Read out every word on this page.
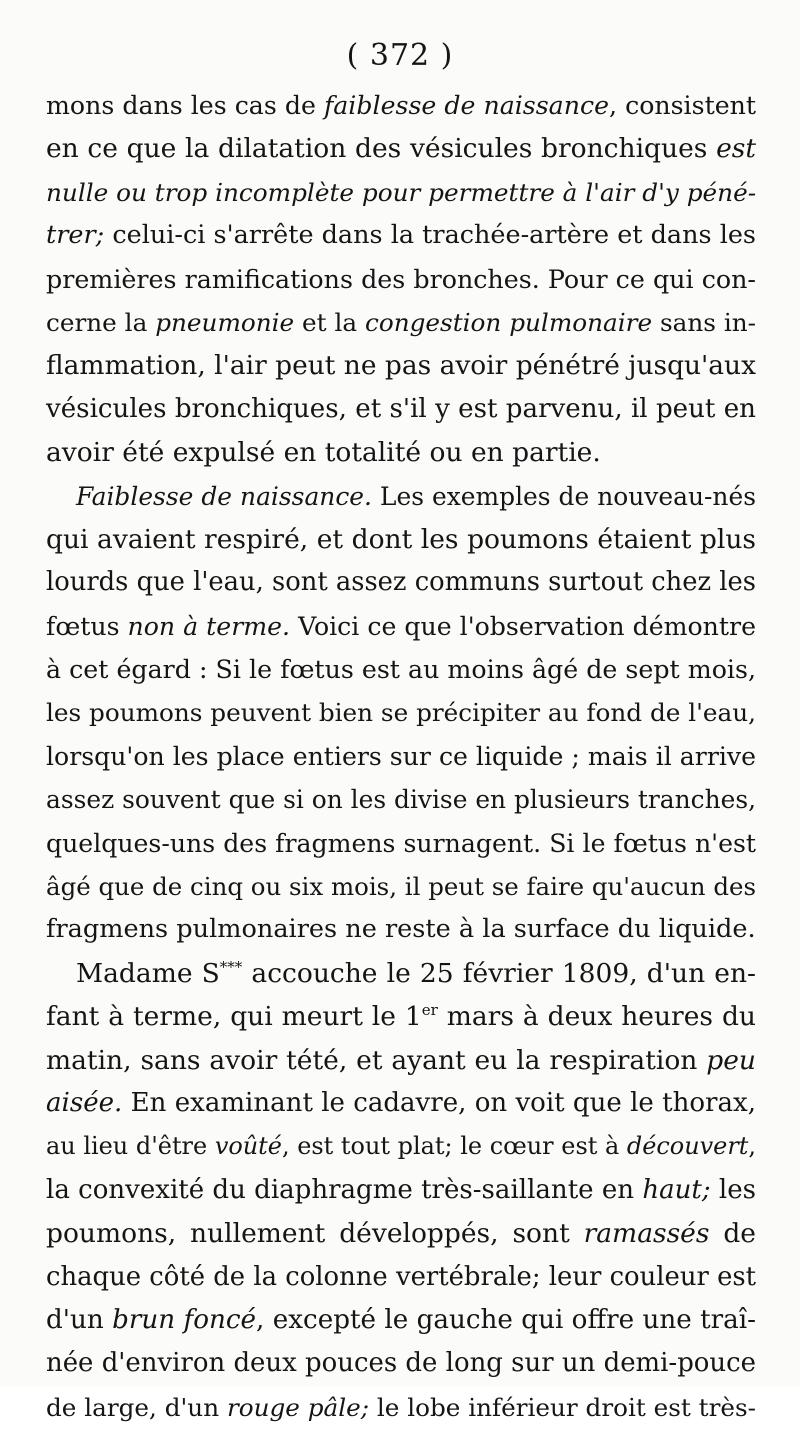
( 372 )
mons dans les cas de faiblesse de naissance, consistent
en ce que la dilatation des vésicules bronchiques est
nulle ou trop incomplète pour permettre à l'air d'y péné-
trer; celui-ci s'arrête dans la trachée-artère et dans les
premières ramifications des bronches. Pour ce qui con-
cerne la pneumonie et la congestion pulmonaire sans in-
flammation, l'air peut ne pas avoir pénétré jusqu'aux
vésicules bronchiques, et s'il y est parvenu, il peut en
avoir été expulsé en totalité ou en partie.
Faiblesse de naissance. Les exemples de nouveau-nés
qui avaient respiré, et dont les poumons étaient plus
lourds que l'eau, sont assez communs surtout chez les
fœtus non à terme. Voici ce que l'observation démontre
à cet égard : Si le fœtus est au moins âgé de sept mois,
les poumons peuvent bien se précipiter au fond de l'eau,
lorsqu'on les place entiers sur ce liquide ; mais il arrive
assez souvent que si on les divise en plusieurs tranches,
quelques-uns des fragmens surnagent. Si le fœtus n'est
âgé que de cinq ou six mois, il peut se faire qu'aucun des
fragmens pulmonaires ne reste à la surface du liquide.
Madame S*** accouche le 25 février 1809, d'un en-
fant à terme, qui meurt le 1er mars à deux heures du
matin, sans avoir tété, et ayant eu la respiration peu
aisée. En examinant le cadavre, on voit que le thorax,
au lieu d'être voûté, est tout plat; le cœur est à découvert,
la convexité du diaphragme très-saillante en haut; les
poumons, nullement développés, sont ramassés de
chaque côté de la colonne vertébrale; leur couleur est
d'un brun foncé, excepté le gauche qui offre une traî-
née d'environ deux pouces de long sur un demi-pouce
de large, d'un rouge pâle; le lobe inférieur droit est très-
